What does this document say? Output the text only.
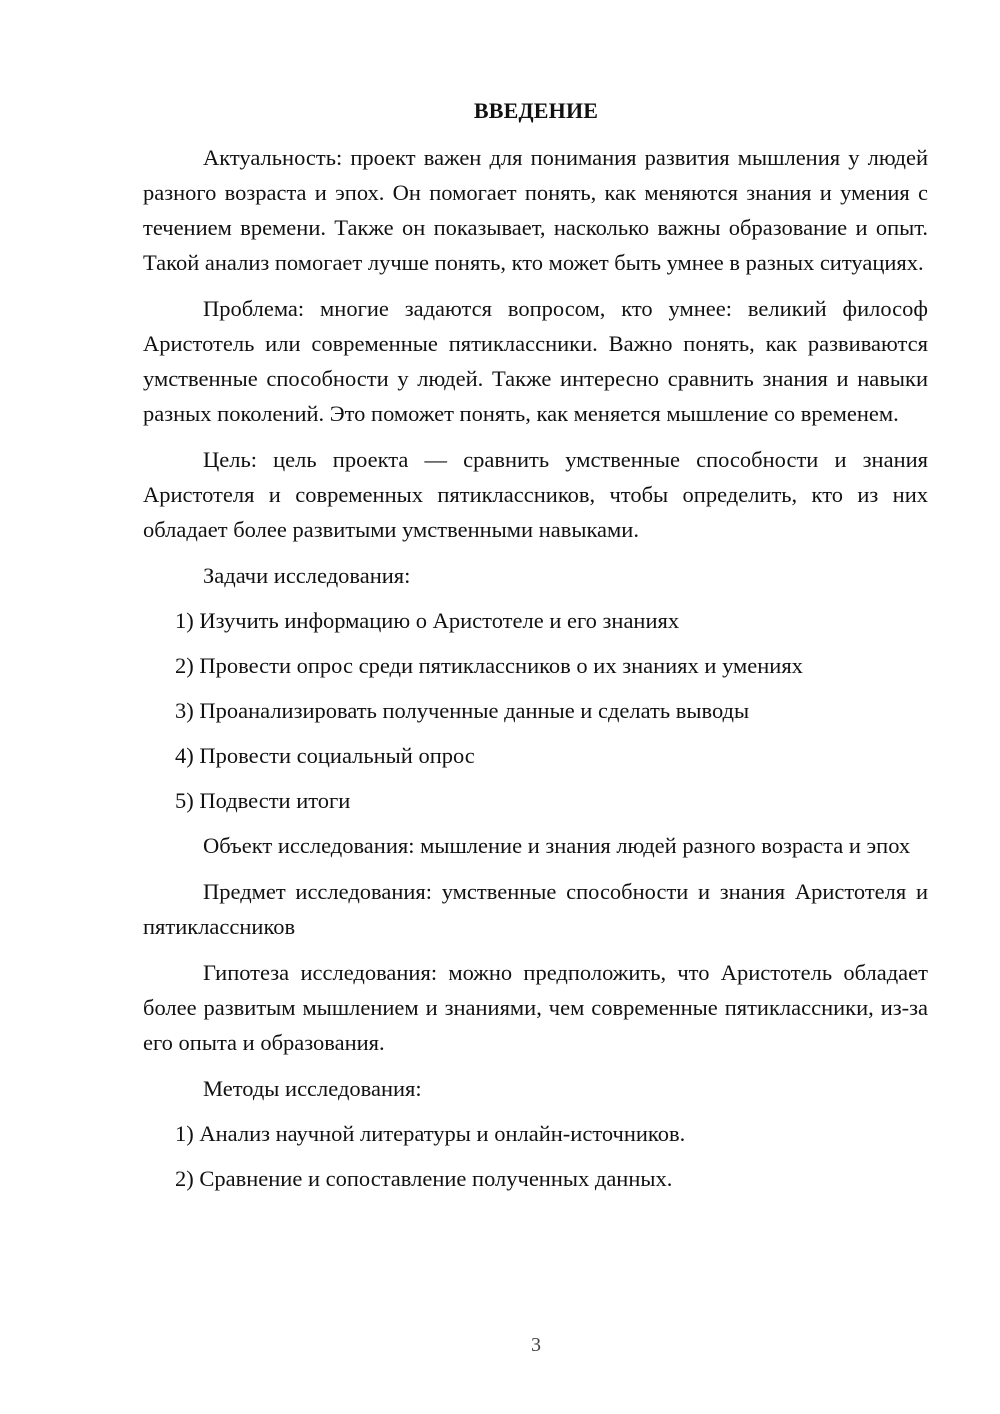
ВВЕДЕНИЕ

Актуальность: проект важен для понимания развития мышления у людей разного возраста и эпох. Он помогает понять, как меняются знания и умения с течением времени. Также он показывает, насколько важны образование и опыт. Такой анализ помогает лучше понять, кто может быть умнее в разных ситуациях.

Проблема: многие задаются вопросом, кто умнее: великий философ Аристотель или современные пятиклассники. Важно понять, как развиваются умственные способности у людей. Также интересно сравнить знания и навыки разных поколений. Это поможет понять, как меняется мышление со временем.

Цель: цель проекта — сравнить умственные способности и знания Аристотеля и современных пятиклассников, чтобы определить, кто из них обладает более развитыми умственными навыками.

Задачи исследования:

1) Изучить информацию о Аристотеле и его знаниях

2) Провести опрос среди пятиклассников о их знаниях и умениях

3) Проанализировать полученные данные и сделать выводы

4) Провести социальный опрос

5) Подвести итоги

Объект исследования: мышление и знания людей разного возраста и эпох

Предмет исследования: умственные способности и знания Аристотеля и пятиклассников

Гипотеза исследования: можно предположить, что Аристотель обладает более развитым мышлением и знаниями, чем современные пятиклассники, из-за его опыта и образования.

Методы исследования:

1) Анализ научной литературы и онлайн-источников.

2) Сравнение и сопоставление полученных данных.

3
